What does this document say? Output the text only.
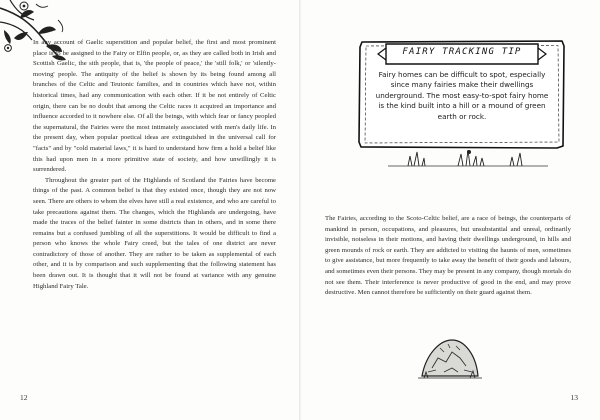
In any account of Gaelic superstition and popular belief, the first and most prominent place is to be assigned to the Fairy or Elfin people, or, as they are called both in Irish and Scottish Gaelic, the sith people, that is, 'the people of peace,' the 'still folk,' or 'silently-moving' people. The antiquity of the belief is shown by its being found among all branches of the Celtic and Teutonic families, and in countries which have not, within historical times, had any communication with each other. If it be not entirely of Celtic origin, there can be no doubt that among the Celtic races it acquired an importance and influence accorded to it nowhere else. Of all the beings, with which fear or fancy peopled the supernatural, the Fairies were the most intimately associated with men's daily life. In the present day, when popular poetical ideas are extinguished in the universal call for "facts" and by "cold material laws," it is hard to understand how firm a hold a belief like this had upon men in a more primitive state of society, and how unwillingly it is surrendered.

Throughout the greater part of the Highlands of Scotland the Fairies have become things of the past. A common belief is that they existed once, though they are not now seen. There are others to whom the elves have still a real existence, and who are careful to take precautions against them. The changes, which the Highlands are undergoing, have made the traces of the belief fainter in some districts than in others, and in some there remains but a confused jumbling of all the superstitions. It would be difficult to find a person who knows the whole Fairy creed, but the tales of one district are never contradictory of those of another. They are rather to be taken as supplemental of each other, and it is by comparison and such supplementing that the following statement has been drawn out. It is thought that it will not be found at variance with any genuine Highland Fairy Tale.

12
FAIRY TRACKING TIP
Fairy homes can be difficult to spot, especially since many fairies make their dwellings underground. The most easy-to-spot fairy home is the kind built into a hill or a mound of green earth or rock.

The Fairies, according to the Scoto-Celtic belief, are a race of beings, the counterparts of mankind in person, occupations, and pleasures, but unsubstantial and unreal, ordinarily invisible, noiseless in their motions, and having their dwellings underground, in hills and green mounds of rock or earth. They are addicted to visiting the haunts of men, sometimes to give assistance, but more frequently to take away the benefit of their goods and labours, and sometimes even their persons. They may be present in any company, though mortals do not see them. Their interference is never productive of good in the end, and may prove destructive. Men cannot therefore be sufficiently on their guard against them.

13
